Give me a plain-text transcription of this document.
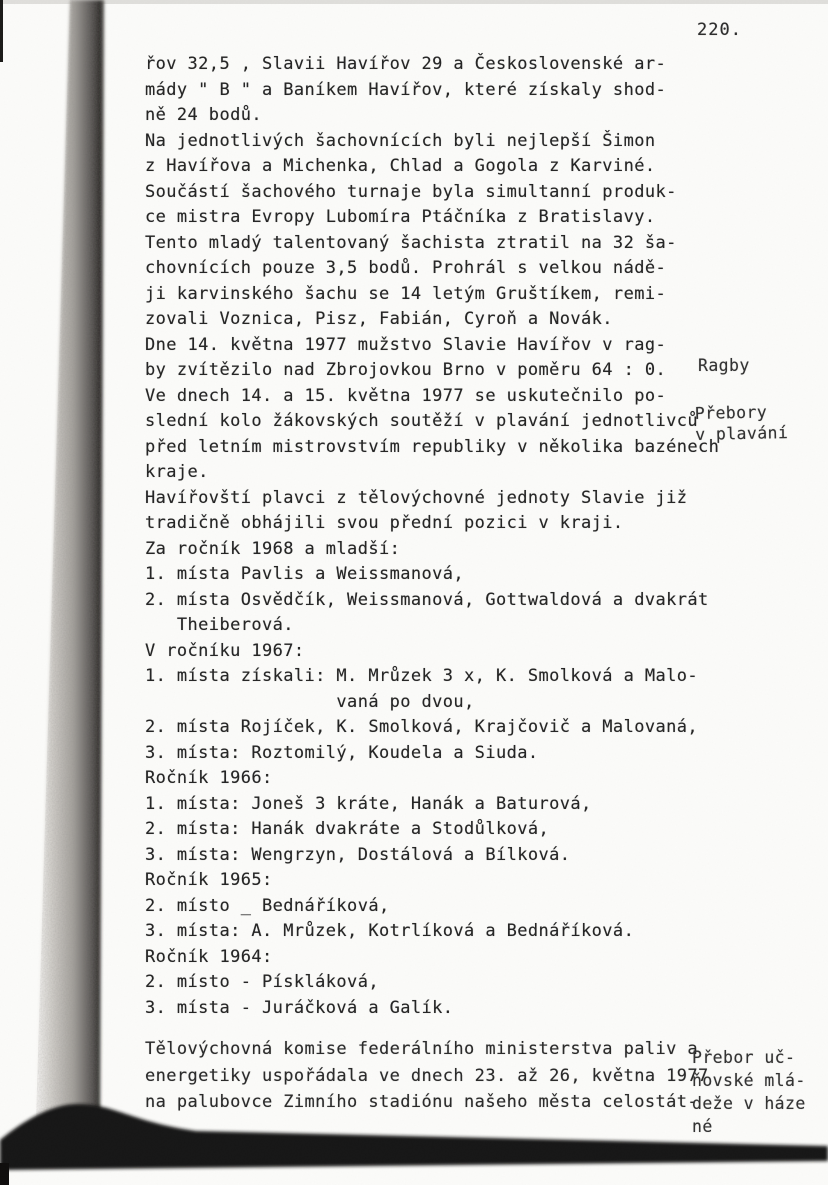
220.
řov 32,5 , Slavii Havířov 29 a Československé ar-
mády " B " a Baníkem Havířov, které získaly shod-
ně 24 bodů.
Na jednotlivých šachovnících byli nejlepší Šimon
z Havířova a Michenka, Chlad a Gogola z Karviné.
Součástí šachového turnaje byla simultanní produk-
ce mistra Evropy Lubomíra Ptáčníka z Bratislavy.
Tento mladý talentovaný šachista ztratil na 32 ša-
chovnících pouze 3,5 bodů. Prohrál s velkou nádě-
ji karvinského šachu se 14 letým Gruštíkem, remi-
zovali Voznica, Pisz, Fabián, Cyroň a Novák.
Dne 14. května 1977 mužstvo Slavie Havířov v rag-
by zvítězilo nad Zbrojovkou Brno v poměru 64 : 0.
Ve dnech 14. a 15. května 1977 se uskutečnilo po-
slední kolo žákovských soutěží v plavání jednotlivců
před letním mistrovstvím republiky v několika bazénech
kraje.
Havířovští plavci z tělovýchovné jednoty Slavie již
tradičně obhájili svou přední pozici v kraji.
Za ročník 1968 a mladší:
1. místa Pavlis a Weissmanová,
2. místa Osvědčík, Weissmanová, Gottwaldová a dvakrát
Theiberová.
V ročníku 1967:
1. místa získali: M. Mrůzek 3 x, K. Smolková a Malo-
vaná po dvou,
2. místa Rojíček, K. Smolková, Krajčovič a Malovaná,
3. místa: Roztomilý, Koudela a Siuda.
Ročník 1966:
1. místa: Joneš 3 kráte, Hanák a Baturová,
2. místa: Hanák dvakráte a Stodůlková,
3. místa: Wengrzyn, Dostálová a Bílková.
Ročník 1965:
2. místo _ Bednáříková,
3. místa: A. Mrůzek, Kotrlíková a Bednáříková.
Ročník 1964:
2. místo - Pískláková,
3. místa - Juráčková a Galík.
Tělovýchovná komise federálního ministerstva paliv a
energetiky uspořádala ve dnech 23. až 26, května 1977
na palubovce Zimního stadiónu našeho města celostát-
Ragby
Přebory
v plavání
Přebor uč-
ňovské mlá-
deže v háze
né
